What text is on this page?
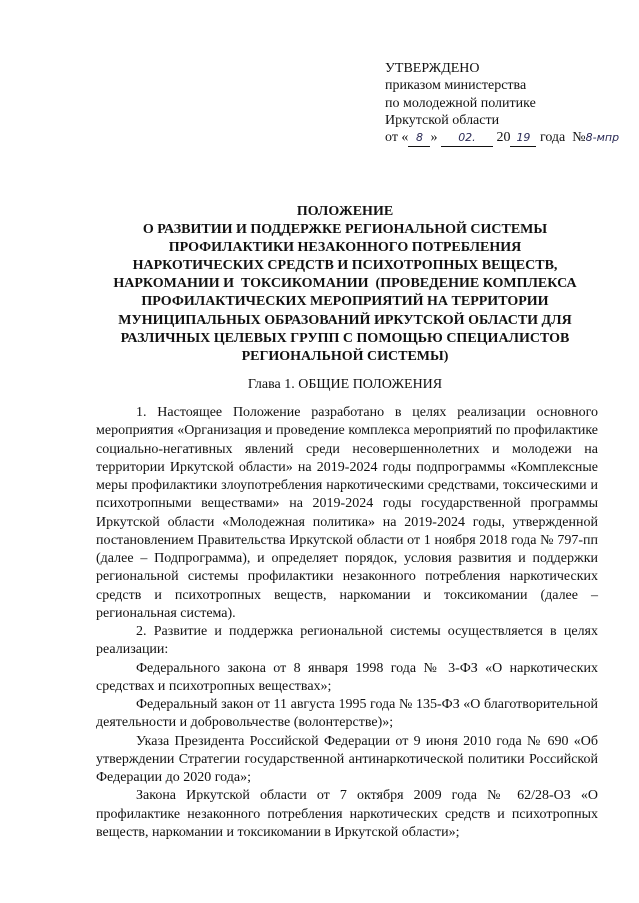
УТВЕРЖДЕНО
приказом министерства
по молодежной политике
Иркутской области
от « 8 » 02. 20 19 года №8-мпр
ПОЛОЖЕНИЕ
О РАЗВИТИИ И ПОДДЕРЖКЕ РЕГИОНАЛЬНОЙ СИСТЕМЫ
ПРОФИЛАКТИКИ НЕЗАКОННОГО ПОТРЕБЛЕНИЯ
НАРКОТИЧЕСКИХ СРЕДСТВ И ПСИХОТРОПНЫХ ВЕЩЕСТВ,
НАРКОМАНИИ И  ТОКСИКОМАНИИ  (ПРОВЕДЕНИЕ КОМПЛЕКСА
ПРОФИЛАКТИЧЕСКИХ МЕРОПРИЯТИЙ НА ТЕРРИТОРИИ
МУНИЦИПАЛЬНЫХ ОБРАЗОВАНИЙ ИРКУТСКОЙ ОБЛАСТИ ДЛЯ
РАЗЛИЧНЫХ ЦЕЛЕВЫХ ГРУПП С ПОМОЩЬЮ СПЕЦИАЛИСТОВ
РЕГИОНАЛЬНОЙ СИСТЕМЫ)
Глава 1. ОБЩИЕ ПОЛОЖЕНИЯ

1. Настоящее Положение разработано в целях реализации основного мероприятия «Организация и проведение комплекса мероприятий по профилактике социально-негативных явлений среди несовершеннолетних и молодежи на территории Иркутской области» на 2019-2024 годы подпрограммы «Комплексные меры профилактики злоупотребления наркотическими средствами, токсическими и психотропными веществами» на 2019-2024 годы государственной программы Иркутской области «Молодежная политика» на 2019-2024 годы, утвержденной постановлением Правительства Иркутской области от 1 ноября 2018 года № 797-пп (далее – Подпрограмма), и определяет порядок, условия развития и поддержки региональной системы профилактики незаконного потребления наркотических средств и психотропных веществ, наркомании и токсикомании (далее – региональная система).

2. Развитие и поддержка региональной системы осуществляется в целях реализации:

Федерального закона от 8 января 1998 года № 3-ФЗ «О наркотических средствах и психотропных веществах»;

Федеральный закон от 11 августа 1995 года № 135-ФЗ «О благотворительной деятельности и добровольчестве (волонтерстве)»;

Указа Президента Российской Федерации от 9 июня 2010 года № 690 «Об утверждении Стратегии государственной антинаркотической политики Российской Федерации до 2020 года»;

Закона Иркутской области от 7 октября 2009 года № 62/28-ОЗ «О профилактике незаконного потребления наркотических средств и психотропных веществ, наркомании и токсикомании в Иркутской области»;
